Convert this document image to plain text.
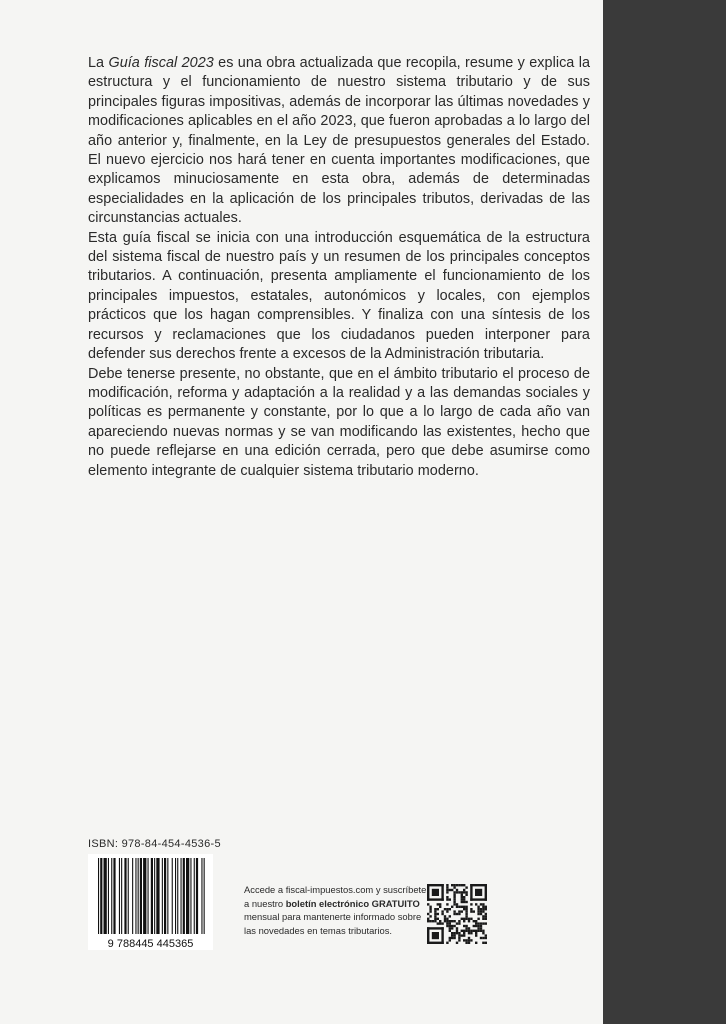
La Guía fiscal 2023 es una obra actualizada que recopila, resume y explica la estructura y el funcionamiento de nuestro sistema tributario y de sus principales figuras impositivas, además de incorporar las últimas novedades y modificaciones aplicables en el año 2023, que fueron aprobadas a lo largo del año anterior y, finalmente, en la Ley de presupuestos generales del Estado. El nuevo ejercicio nos hará tener en cuenta importantes modificaciones, que explicamos minuciosamente en esta obra, además de determinadas especialidades en la aplicación de los principales tributos, derivadas de las circunstancias actuales.

Esta guía fiscal se inicia con una introducción esquemática de la estructura del sistema fiscal de nuestro país y un resumen de los principales conceptos tributarios. A continuación, presenta ampliamente el funcionamiento de los principales impuestos, estatales, autonómicos y locales, con ejemplos prácticos que los hagan comprensibles. Y finaliza con una síntesis de los recursos y reclamaciones que los ciudadanos pueden interponer para defender sus derechos frente a excesos de la Administración tributaria.

Debe tenerse presente, no obstante, que en el ámbito tributario el proceso de modificación, reforma y adaptación a la realidad y a las demandas sociales y políticas es permanente y constante, por lo que a lo largo de cada año van apareciendo nuevas normas y se van modificando las existentes, hecho que no puede reflejarse en una edición cerrada, pero que debe asumirse como elemento integrante de cualquier sistema tributario moderno.

ISBN: 978-84-454-4536-5
9 788445 445365
Accede a fiscal-impuestos.com y suscríbete
a nuestro boletín electrónico GRATUITO
mensual para mantenerte informado sobre
las novedades en temas tributarios.
